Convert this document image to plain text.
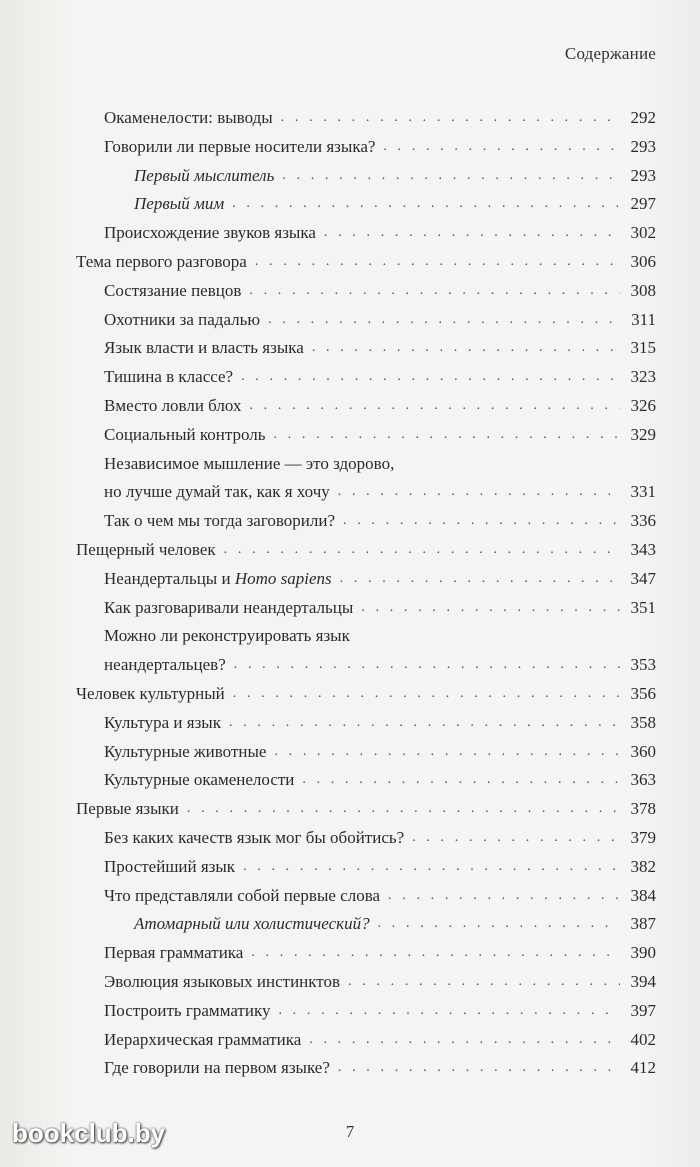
Содержание
Окаменелости: выводы . . .	292
Говорили ли первые носители языка? . . .	293
Первый мыслитель . . .	293
Первый мим . . .	297
Происхождение звуков языка . . .	302
Тема первого разговора . . .	306
Состязание певцов . . .	308
Охотники за падалью . . .	311
Язык власти и власть языка . . .	315
Тишина в классе? . . .	323
Вместо ловли блох . . .	326
Социальный контроль . . .	329
Независимое мышление — это здорово,
но лучше думай так, как я хочу . . .	331
Так о чем мы тогда заговорили? . . .	336
Пещерный человек . . .	343
Неандертальцы и Homo sapiens . . .	347
Как разговаривали неандертальцы . . .	351
Можно ли реконструировать язык
неандертальцев? . . .	353
Человек культурный . . .	356
Культура и язык . . .	358
Культурные животные . . .	360
Культурные окаменелости . . .	363
Первые языки . . .	378
Без каких качеств язык мог бы обойтись? . . .	379
Простейший язык . . .	382
Что представляли собой первые слова . . .	384
Атомарный или холистический? . . .	387
Первая грамматика . . .	390
Эволюция языковых инстинктов . . .	394
Построить грамматику . . .	397
Иерархическая грамматика . . .	402
Где говорили на первом языке? . . .	412
7
bookclub.by
